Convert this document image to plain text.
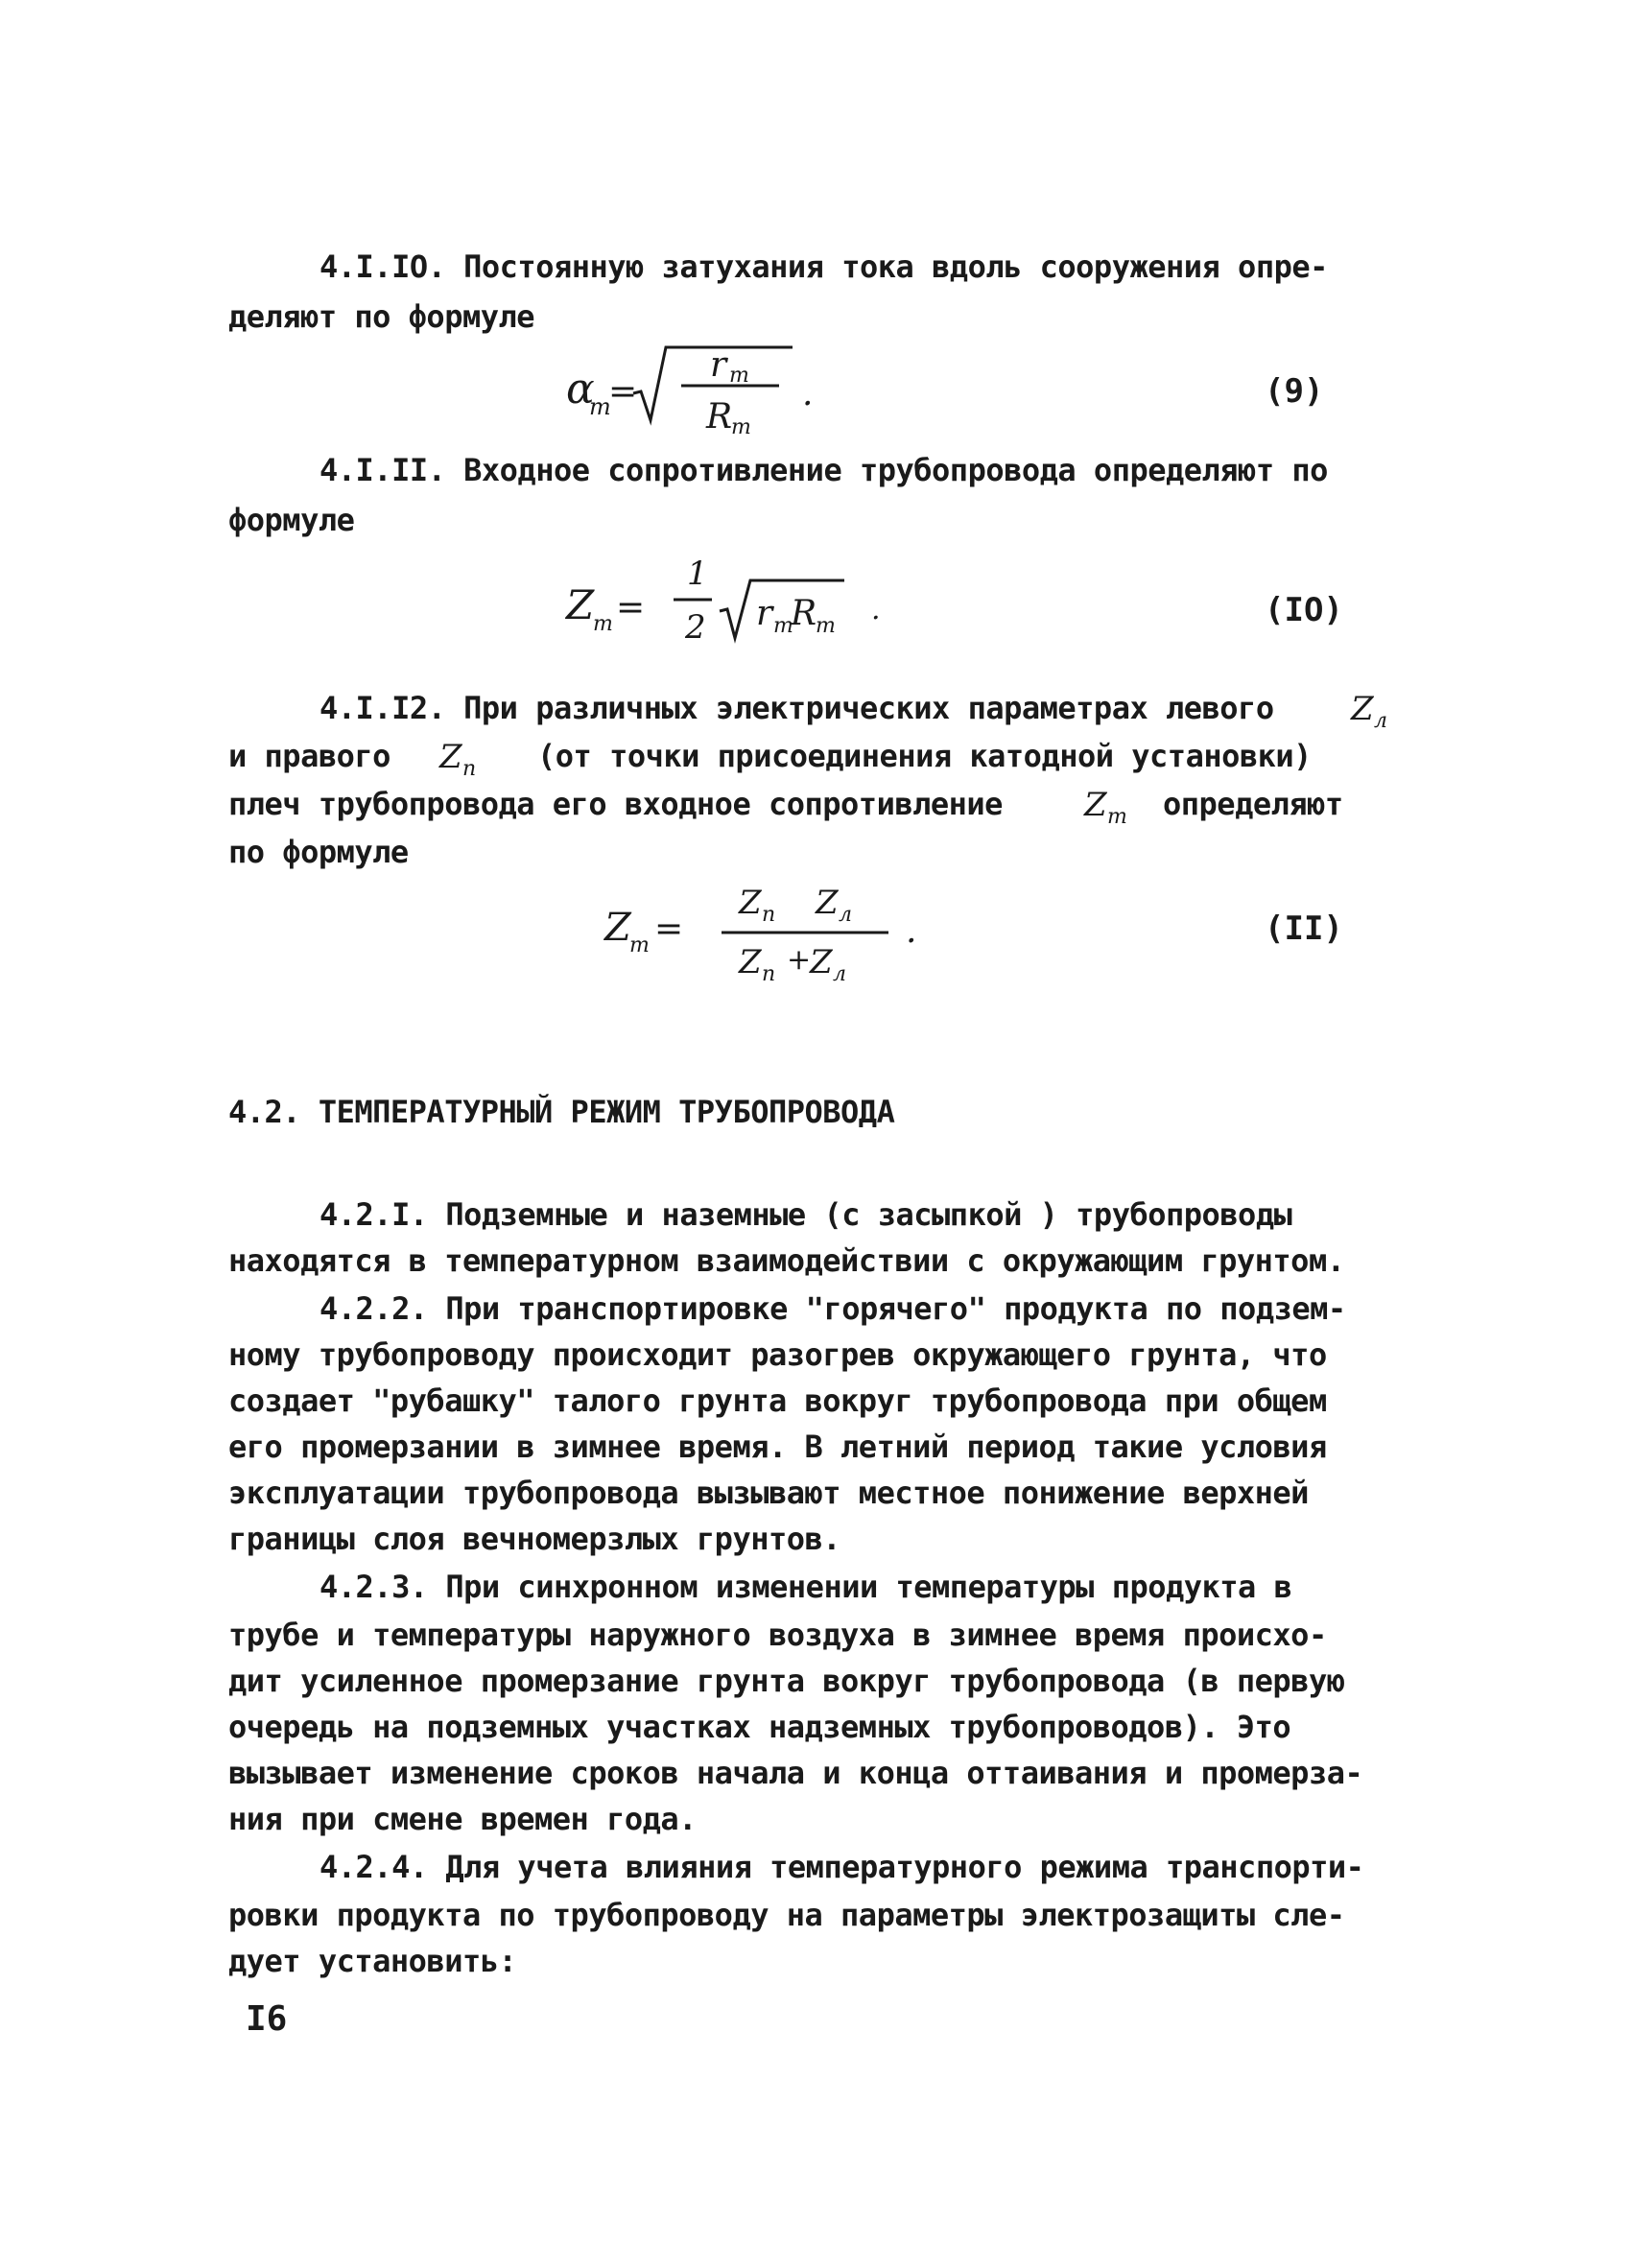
4.I.IO. Постоянную затухания тока вдоль сооружения опре-
деляют по формуле
α
т
=
r т
R
т
.	(9)
4.I.II. Входное сопротивление трубопровода определяют по
формуле
Z
т =
1
2 r т
R
т .	(IO)
4.I.I2. При различных электрических параметрах левого Z л
и правого Z п (от точки присоединения катодной установки)
плеч трубопровода его входное сопротивление	Z т определяют
по формуле
Z
т =
Z п Z л
Z п +
Z л
.	(II)
4.2. ТЕМПЕРАТУРНЫЙ РЕЖИМ ТРУБОПРОВОДА
4.2.I. Подземные и наземные (с засыпкой ) трубопроводы
находятся в температурном взаимодействии с окружающим грунтом.
4.2.2. При транспортировке "горячего" продукта по подзем-
ному трубопроводу происходит разогрев окружающего грунта, что
создает "рубашку" талого грунта вокруг трубопровода при общем
его промерзании в зимнее время. В летний период такие условия
эксплуатации трубопровода вызывают местное понижение верхней
границы слоя вечномерзлых грунтов.
4.2.3. При синхронном изменении температуры продукта в
трубе и температуры наружного воздуха в зимнее время происхо-
дит усиленное промерзание грунта вокруг трубопровода (в первую
очередь на подземных участках надземных трубопроводов). Это
вызывает изменение сроков начала и конца оттаивания и промерза-
ния при смене времен года.
4.2.4. Для учета влияния температурного режима транспорти-
ровки продукта по трубопроводу на параметры электрозащиты сле-
дует установить:
I6
